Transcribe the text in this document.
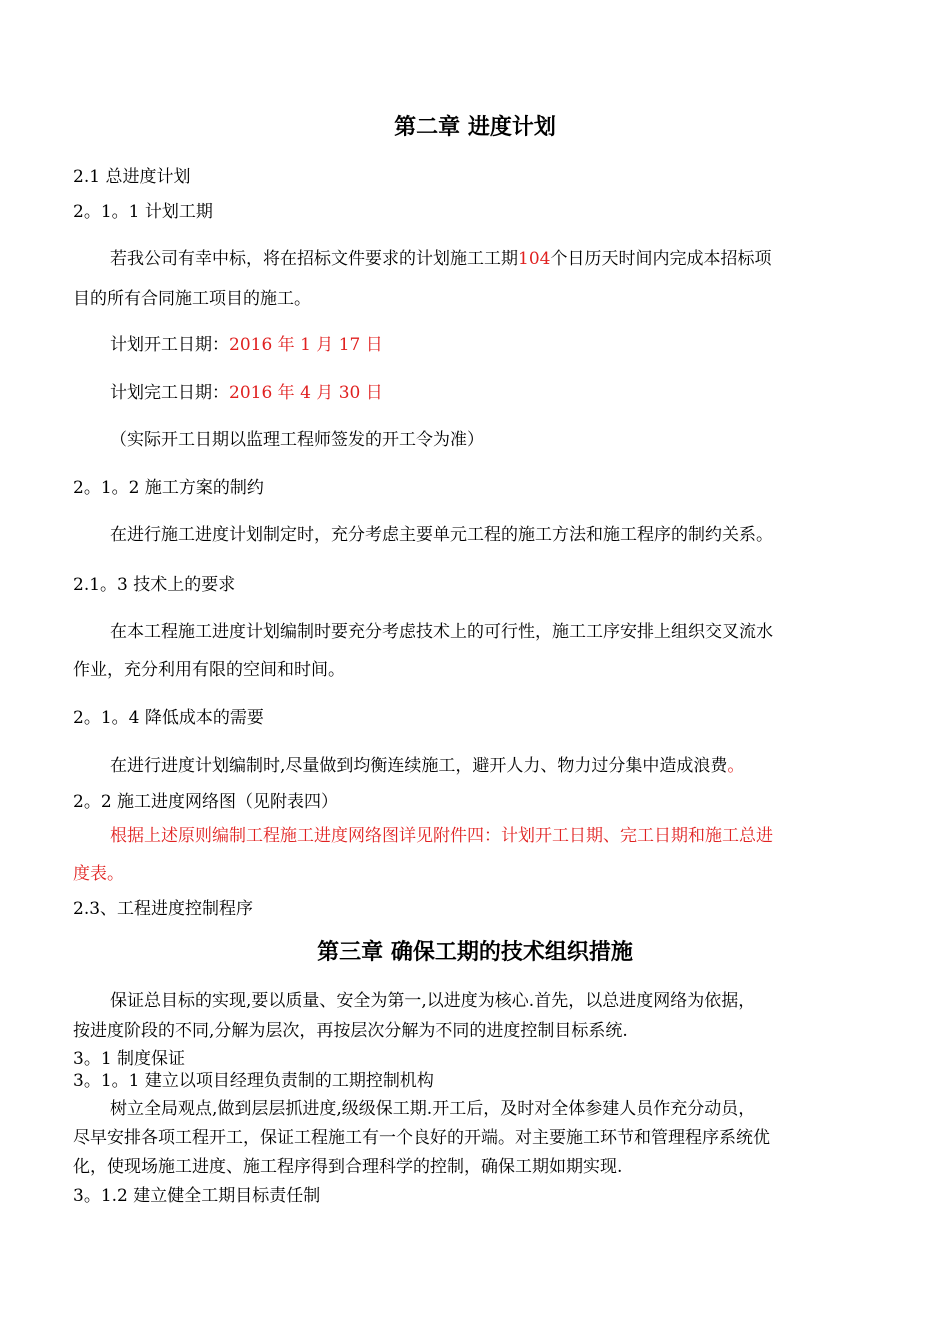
第二章 进度计划
2.1 总进度计划
2。1。1 计划工期
若我公司有幸中标，将在招标文件要求的计划施工工期104个日历天时间内完成本招标项
目的所有合同施工项目的施工。
计划开工日期：2016 年 1 月 17 日
计划完工日期：2016 年 4 月 30 日
（实际开工日期以监理工程师签发的开工令为准）
2。1。2 施工方案的制约
在进行施工进度计划制定时，充分考虑主要单元工程的施工方法和施工程序的制约关系。
2.1。3 技术上的要求
在本工程施工进度计划编制时要充分考虑技术上的可行性，施工工序安排上组织交叉流水
作业，充分利用有限的空间和时间。
2。1。4 降低成本的需要
在进行进度计划编制时,尽量做到均衡连续施工，避开人力、物力过分集中造成浪费。
2。2 施工进度网络图（见附表四）
根据上述原则编制工程施工进度网络图详见附件四：计划开工日期、完工日期和施工总进
度表。
2.3、工程进度控制程序
第三章 确保工期的技术组织措施
保证总目标的实现,要以质量、安全为第一,以进度为核心.首先，以总进度网络为依据，
按进度阶段的不同,分解为层次，再按层次分解为不同的进度控制目标系统.
3。1 制度保证
3。1。1 建立以项目经理负责制的工期控制机构
树立全局观点,做到层层抓进度,级级保工期.开工后，及时对全体参建人员作充分动员，
尽早安排各项工程开工，保证工程施工有一个良好的开端。对主要施工环节和管理程序系统优
化，使现场施工进度、施工程序得到合理科学的控制，确保工期如期实现.
3。1.2 建立健全工期目标责任制
